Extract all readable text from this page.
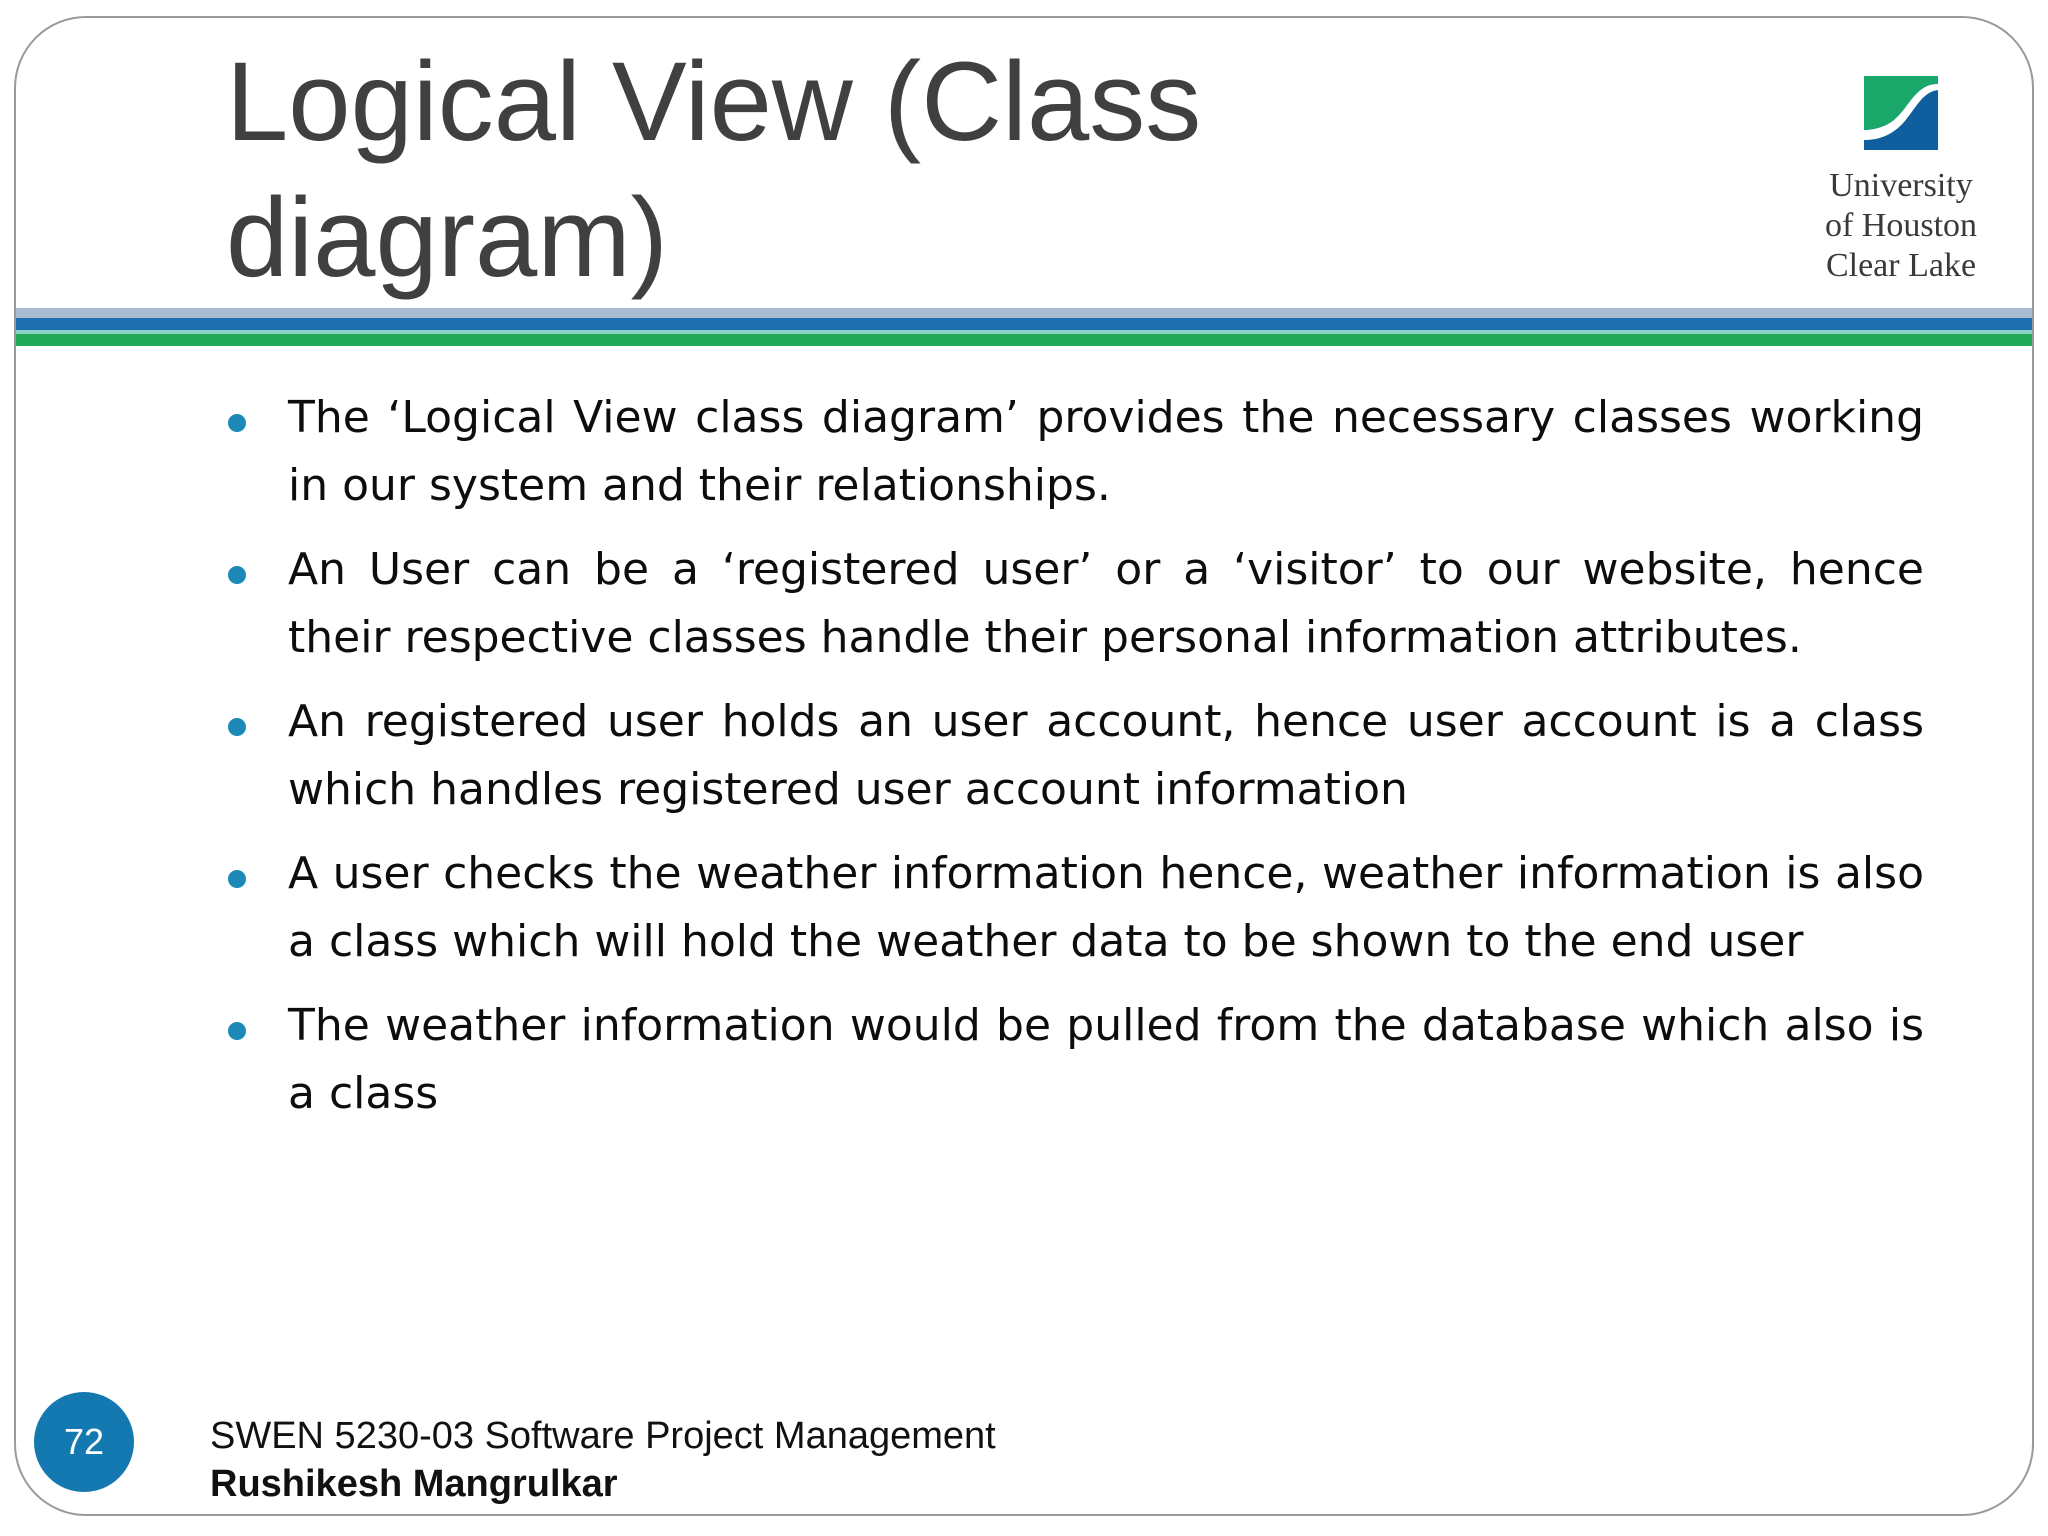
Logical View (Class
diagram)	University
of Houston
Clear Lake
The ‘Logical View class diagram’ provides the necessary classes working in our system and their relationships.
An User can be a ‘registered user’ or a ‘visitor’ to our website, hence their respective classes handle their personal information attributes.
An registered user holds an user account, hence user account is a class which handles registered user account information
A user checks the weather information hence, weather information is also a class which will hold the weather data to be shown to the end user
The weather information would be pulled from the database which also is a class
72	SWEN 5230-03 Software Project Management
Rushikesh Mangrulkar
